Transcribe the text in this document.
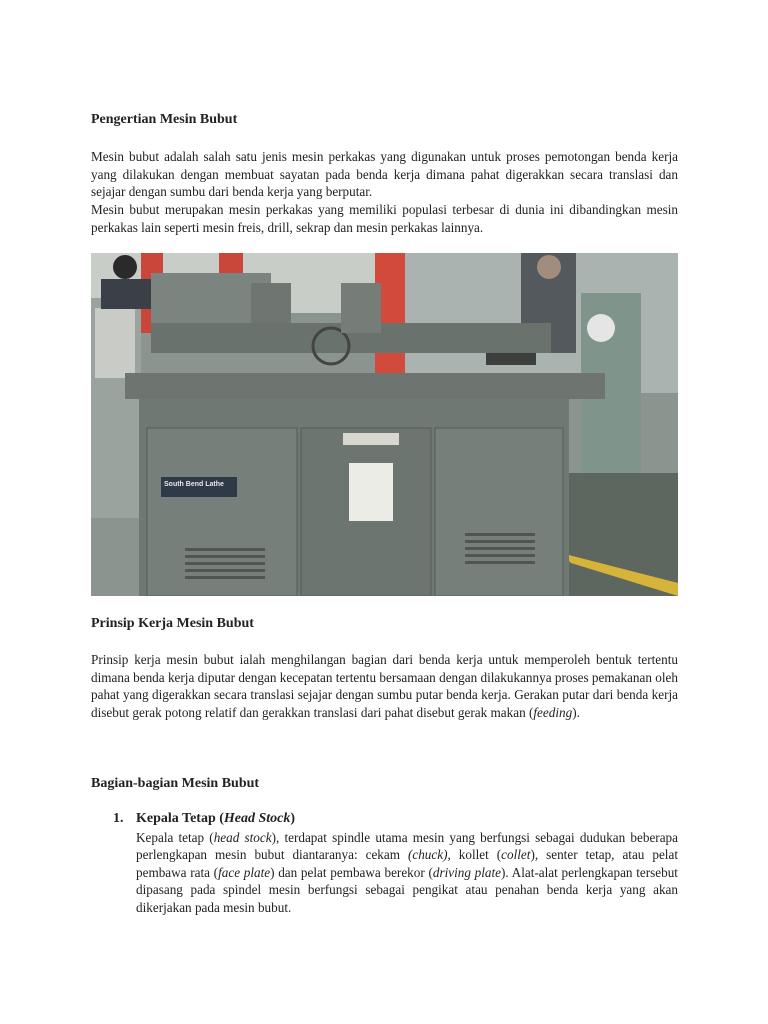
Pengertian Mesin Bubut

Mesin bubut adalah salah satu jenis mesin perkakas yang digunakan untuk proses pemotongan benda kerja yang dilakukan dengan membuat sayatan pada benda kerja dimana pahat digerakkan secara translasi dan sejajar dengan sumbu dari benda kerja yang berputar.

Mesin bubut merupakan mesin perkakas yang memiliki populasi terbesar di dunia ini dibandingkan mesin perkakas lain seperti mesin freis, drill, sekrap dan mesin perkakas lainnya.

South Bend Lathe
Prinsip Kerja Mesin Bubut

Prinsip kerja mesin bubut ialah menghilangan bagian dari benda kerja untuk memperoleh bentuk tertentu dimana benda kerja diputar dengan kecepatan tertentu bersamaan dengan dilakukannya proses pemakanan oleh pahat yang digerakkan secara translasi sejajar dengan sumbu putar benda kerja. Gerakan putar dari benda kerja disebut gerak potong relatif dan gerakkan translasi dari pahat disebut gerak makan (feeding).

Bagian-bagian Mesin Bubut
1. Kepala Tetap (Head Stock)

Kepala tetap (head stock), terdapat spindle utama mesin yang berfungsi sebagai dudukan beberapa perlengkapan mesin bubut diantaranya: cekam (chuck), kollet (collet), senter tetap, atau pelat pembawa rata (face plate) dan pelat pembawa berekor (driving plate). Alat-alat perlengkapan tersebut dipasang pada spindel mesin berfungsi sebagai pengikat atau penahan benda kerja yang akan dikerjakan pada mesin bubut.
